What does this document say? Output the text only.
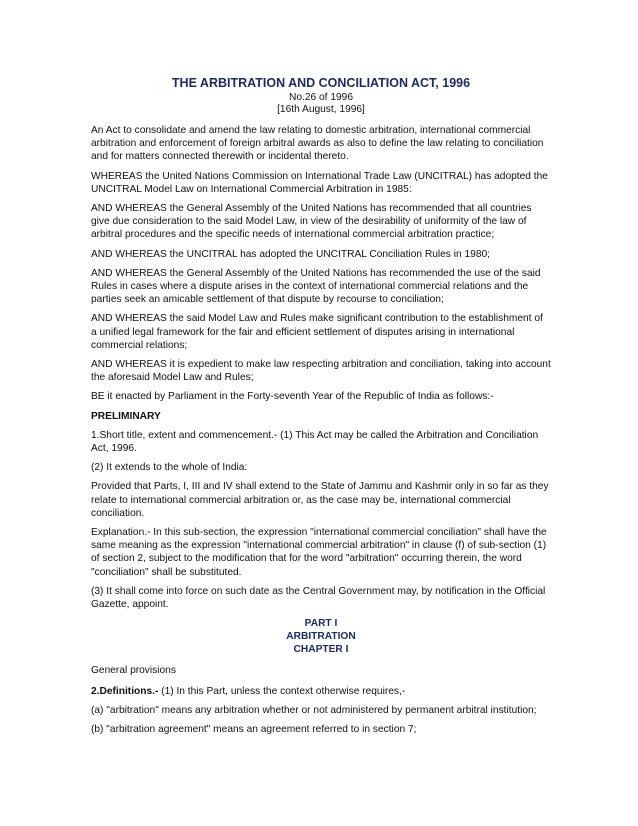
THE ARBITRATION AND CONCILIATION ACT, 1996
No.26 of 1996
[16th August, 1996]

An Act to consolidate and amend the law relating to domestic arbitration, international commercial arbitration and enforcement of foreign arbitral awards as also to define the law relating to conciliation and for matters connected therewith or incidental thereto.

WHEREAS the United Nations Commission on International Trade Law (UNCITRAL) has adopted the UNCITRAL Model Law on International Commercial Arbitration in 1985:

AND WHEREAS the General Assembly of the United Nations has recommended that all countries give due consideration to the said Model Law, in view of the desirability of uniformity of the law of arbitral procedures and the specific needs of international commercial arbitration practice;

AND WHEREAS the UNCITRAL has adopted the UNCITRAL Conciliation Rules in 1980;

AND WHEREAS the General Assembly of the United Nations has recommended the use of the said Rules in cases where a dispute arises in the context of international commercial relations and the parties seek an amicable settlement of that dispute by recourse to conciliation;

AND WHEREAS the said Model Law and Rules make significant contribution to the establishment of a unified legal framework for the fair and efficient settlement of disputes arising in international commercial relations;

AND WHEREAS it is expedient to make law respecting arbitration and conciliation, taking into account the aforesaid Model Law and Rules;

BE it enacted by Parliament in the Forty-seventh Year of the Republic of India as follows:-

PRELIMINARY

1.Short title, extent and commencement.- (1) This Act may be called the Arbitration and Conciliation Act, 1996.

(2) It extends to the whole of India:

Provided that Parts, I, III and IV shall extend to the State of Jammu and Kashmir only in so far as they relate to international commercial arbitration or, as the case may be, international commercial conciliation.

Explanation.- In this sub-section, the expression "international commercial conciliation" shall have the same meaning as the expression "international commercial arbitration" in clause (f) of sub-section (1) of section 2, subject to the modification that for the word "arbitration" occurring therein, the word "conciliation" shall be substituted.

(3) It shall come into force on such date as the Central Government may, by notification in the Official Gazette, appoint.

PART I
ARBITRATION
CHAPTER I

General provisions

2.Definitions.- (1) In this Part, unless the context otherwise requires,-

(a) "arbitration" means any arbitration whether or not administered by permanent arbitral institution;

(b) "arbitration agreement" means an agreement referred to in section 7;
